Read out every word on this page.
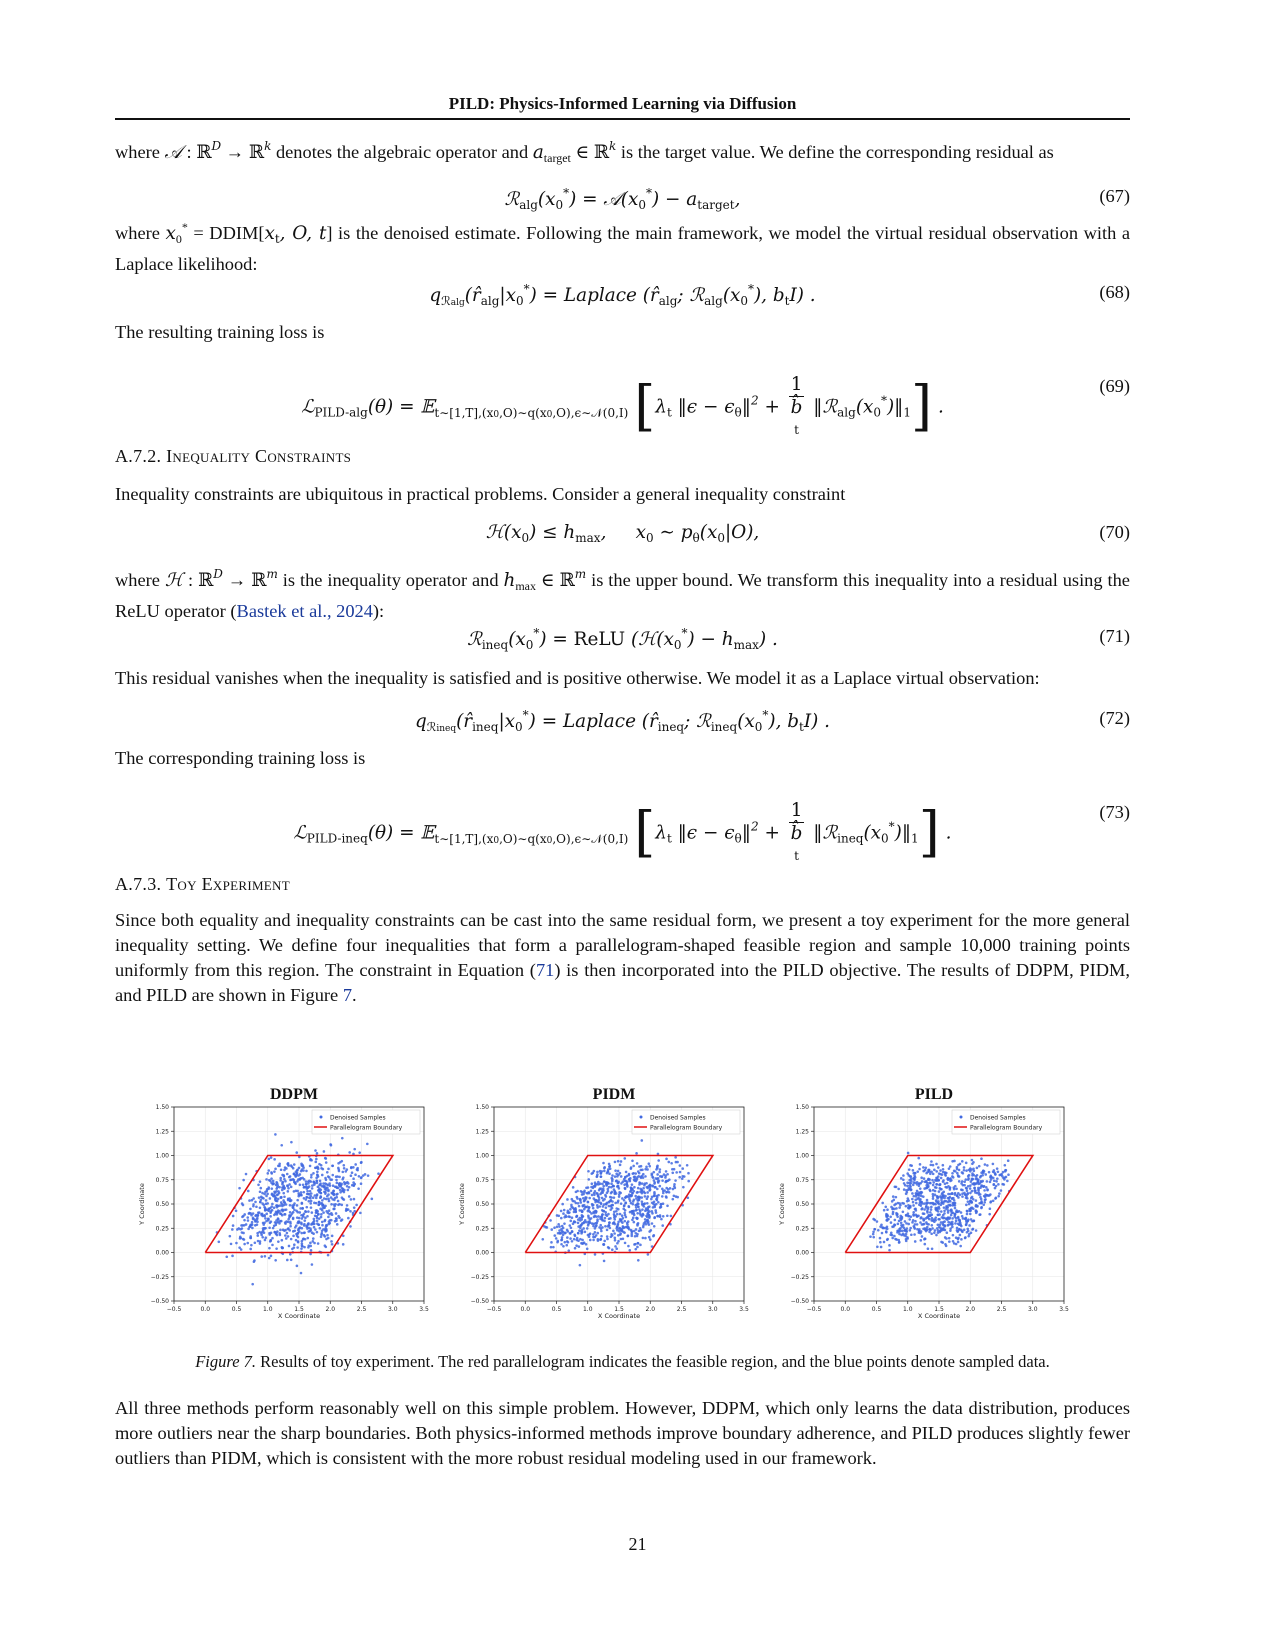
PILD: Physics-Informed Learning via Diffusion
where 𝒜 : ℝ$^D$ → ℝ$^k$ denotes the algebraic operator and $a_{target}$ ∈ ℝ$^k$ is the target value. We define the corresponding residual as
$ℛ_{alg}(x_0^*)$ = $𝒜(x_0^*) - a_{target}$,	(67)
where $x_0^*$ = $DDIM[x_t$, O, t] is the denoised estimate. Following the main framework, we model the virtual residual observation with a Laplace likelihood:
$q_{ℛalg}(r̂_{alg}|x_0^*)$ = Laplace ($r̂_{alg}$; $ℛ_{alg}(x_0^*)$, $b_tI$) .	(68)
The resulting training loss is
ℒ$_{PILD-alg}$(θ) = 𝔼$_{t\sim[1,T],(x0,O)\sim q(x0,O),\epsilon\sim 𝒩(0,I)}$ [$\lambda_t$ ‖ϵ − $\epsilon_\theta‖^2 + 1$
b̂
t $‖ℛ_{alg}(x_0^*)‖_1$] .
(69)
A.7.2. Inequality Constraints
Inequality constraints are ubiquitous in practical problems. Consider a general inequality constraint
$ℋ(x_0) \le h_{max}$,     $x_0$ ∼ $p_\theta(x_0|O)$,	(70)
where ℋ : ℝ$^D$ → ℝ$^m$ is the inequality operator and $h_{max}$ ∈ ℝ$^m$ is the upper bound. We transform this inequality into a residual using the ReLU operator (Bastek et al., 2024):
$ℛ_{ineq}(x_0^*)$ = ReLU $(ℋ(x_0^*) - h_{max})$ .	(71)
This residual vanishes when the inequality is satisfied and is positive otherwise. We model it as a Laplace virtual observation:
$q_{ℛineq}(r̂_{ineq}|x_0^*)$ = Laplace ($r̂_{ineq}$; $ℛ_{ineq}(x_0^*)$, $b_tI$) .	(72)
The corresponding training loss is
ℒ$_{PILD-ineq}$(θ) = 𝔼$_{t\sim[1,T],(x0,O)\sim q(x0,O),\epsilon\sim 𝒩(0,I)}$ [$\lambda_t$ ‖ϵ − $\epsilon_\theta‖^2 + 1$
b̂
t $‖ℛ_{ineq}(x_0^*)‖_1$] .
(73)
A.7.3. Toy Experiment
Since both equality and inequality constraints can be cast into the same residual form, we present a toy experiment for the more general inequality setting. We define four inequalities that form a parallelogram-shaped feasible region and sample 10,000 training points uniformly from this region. The constraint in Equation (71) is then incorporated into the PILD objective. The results of DDPM, PIDM, and PILD are shown in Figure 7.
DDPM
−0.5	0.0	0.5	1.0	1.5	2.0	2.5	3.0	3.5
−0.50
−0.25
0.00
0.25
0.50
0.75
1.00
1.25
1.50
X Coordinate
Y Coordinate
Denoised Samples
Parallelogram Boundary
PIDM
−0.5	0.0	0.5	1.0	1.5	2.0	2.5	3.0	3.5
−0.50
−0.25
0.00
0.25
0.50
0.75
1.00
1.25
1.50
X Coordinate
Y Coordinate
Denoised Samples
Parallelogram Boundary
PILD
−0.5	0.0	0.5	1.0	1.5	2.0	2.5	3.0	3.5
−0.50
−0.25
0.00
0.25
0.50
0.75
1.00
1.25
1.50
X Coordinate
Y Coordinate
Denoised Samples
Parallelogram Boundary
Figure 7. Results of toy experiment. The red parallelogram indicates the feasible region, and the blue points denote sampled data.
All three methods perform reasonably well on this simple problem. However, DDPM, which only learns the data distribution, produces more outliers near the sharp boundaries. Both physics-informed methods improve boundary adherence, and PILD produces slightly fewer outliers than PIDM, which is consistent with the more robust residual modeling used in our framework.
21
